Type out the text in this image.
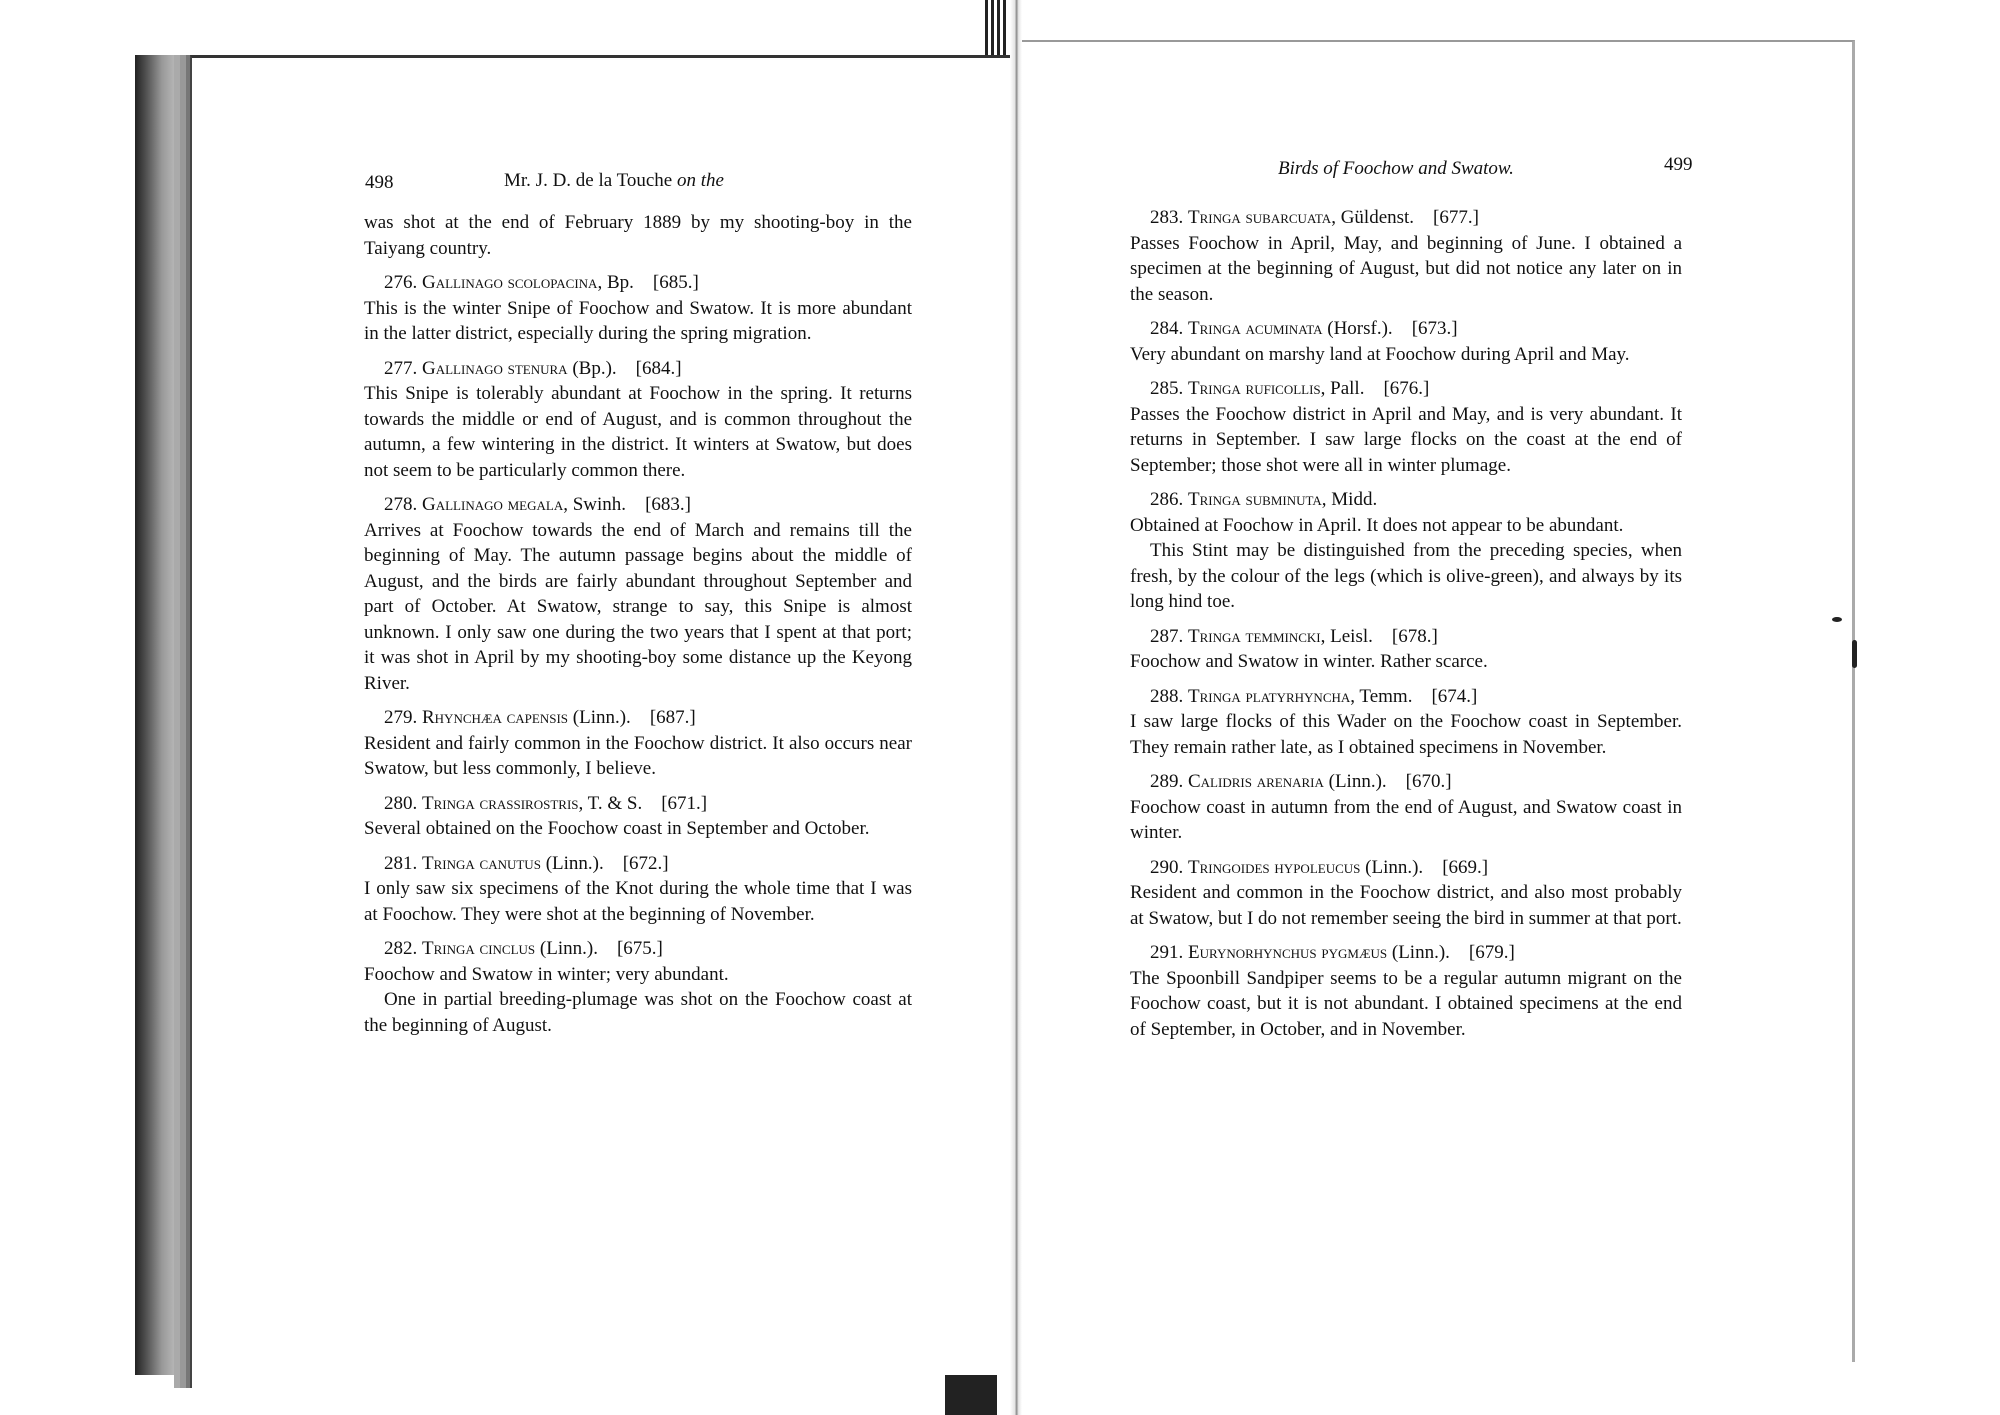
498	Mr. J. D. de la Touche on the

was shot at the end of February 1889 by my shooting-boy in the Taiyang country.

276. Gallinago scolopacina, Bp.  [685.]

This is the winter Snipe of Foochow and Swatow. It is more abundant in the latter district, especially during the spring migration.

277. Gallinago stenura (Bp.).  [684.]

This Snipe is tolerably abundant at Foochow in the spring. It returns towards the middle or end of August, and is common throughout the autumn, a few wintering in the district. It winters at Swatow, but does not seem to be particularly common there.

278. Gallinago megala, Swinh.  [683.]

Arrives at Foochow towards the end of March and remains till the beginning of May. The autumn passage begins about the middle of August, and the birds are fairly abundant throughout September and part of October. At Swatow, strange to say, this Snipe is almost unknown. I only saw one during the two years that I spent at that port; it was shot in April by my shooting-boy some distance up the Keyong River.

279. Rhynchæa capensis (Linn.).  [687.]

Resident and fairly common in the Foochow district. It also occurs near Swatow, but less commonly, I believe.

280. Tringa crassirostris, T. & S.  [671.]

Several obtained on the Foochow coast in September and October.

281. Tringa canutus (Linn.).  [672.]

I only saw six specimens of the Knot during the whole time that I was at Foochow. They were shot at the beginning of November.

282. Tringa cinclus (Linn.).  [675.]

Foochow and Swatow in winter; very abundant.

One in partial breeding-plumage was shot on the Foochow coast at the beginning of August.

Birds of Foochow and Swatow.	499

283. Tringa subarcuata, Güldenst.  [677.]

Passes Foochow in April, May, and beginning of June. I obtained a specimen at the beginning of August, but did not notice any later on in the season.

284. Tringa acuminata (Horsf.).  [673.]

Very abundant on marshy land at Foochow during April and May.

285. Tringa ruficollis, Pall.  [676.]

Passes the Foochow district in April and May, and is very abundant. It returns in September. I saw large flocks on the coast at the end of September; those shot were all in winter plumage.

286. Tringa subminuta, Midd. 

Obtained at Foochow in April. It does not appear to be abundant.

This Stint may be distinguished from the preceding species, when fresh, by the colour of the legs (which is olive-green), and always by its long hind toe.

287. Tringa temmincki, Leisl.  [678.]

Foochow and Swatow in winter. Rather scarce.

288. Tringa platyrhyncha, Temm.  [674.]

I saw large flocks of this Wader on the Foochow coast in September. They remain rather late, as I obtained specimens in November.

289. Calidris arenaria (Linn.).  [670.]

Foochow coast in autumn from the end of August, and Swatow coast in winter.

290. Tringoides hypoleucus (Linn.).  [669.]

Resident and common in the Foochow district, and also most probably at Swatow, but I do not remember seeing the bird in summer at that port.

291. Eurynorhynchus pygmæus (Linn.).  [679.]

The Spoonbill Sandpiper seems to be a regular autumn migrant on the Foochow coast, but it is not abundant. I obtained specimens at the end of September, in October, and in November.
